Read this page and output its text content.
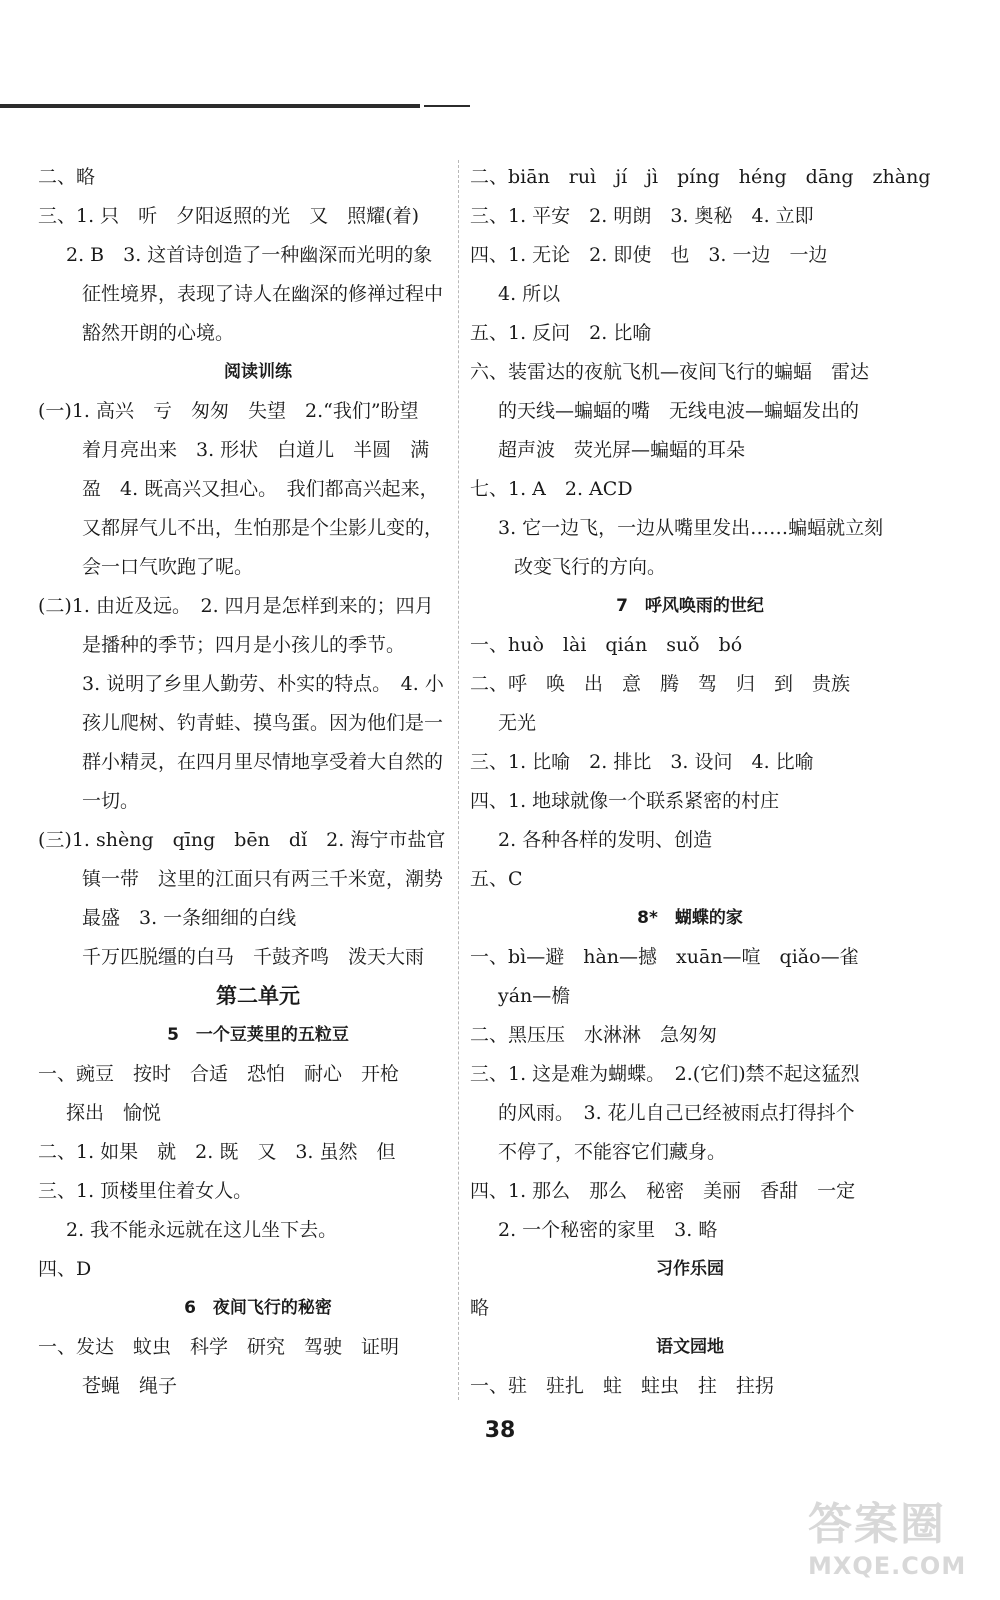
二、略
三、1. 只　听　夕阳返照的光　又　照耀(着)
2. B　3. 这首诗创造了一种幽深而光明的象
征性境界，表现了诗人在幽深的修禅过程中
豁然开朗的心境。
阅读训练
(一)1. 高兴　亏　匆匆　失望　2.“我们”盼望
着月亮出来　3. 形状　白道儿　半圆　满
盈　4. 既高兴又担心。　我们都高兴起来，
又都屏气儿不出，生怕那是个尘影儿变的，
会一口气吹跑了呢。
(二)1. 由近及远。　2. 四月是怎样到来的；四月
是播种的季节；四月是小孩儿的季节。
3. 说明了乡里人勤劳、朴实的特点。　4. 小
孩儿爬树、钓青蛙、摸鸟蛋。因为他们是一
群小精灵，在四月里尽情地享受着大自然的
一切。
(三)1. shèng　qīng　bēn　dǐ　2. 海宁市盐官
镇一带　这里的江面只有两三千米宽，潮势
最盛　3. 一条细细的白线
千万匹脱缰的白马　千鼓齐鸣　泼天大雨
第二单元
5　一个豆荚里的五粒豆
一、豌豆　按时　合适　恐怕　耐心　开枪
探出　愉悦
二、1. 如果　就　2. 既　又　3. 虽然　但
三、1. 顶楼里住着女人。
2. 我不能永远就在这儿坐下去。
四、D
6　夜间飞行的秘密
一、发达　蚊虫　科学　研究　驾驶　证明
苍蝇　绳子
二、biān　ruì　jí　jì　píng　héng　dāng　zhàng
三、1. 平安　2. 明朗　3. 奥秘　4. 立即
四、1. 无论　2. 即使　也　3. 一边　一边
4. 所以
五、1. 反问　2. 比喻
六、装雷达的夜航飞机—夜间飞行的蝙蝠　雷达
的天线—蝙蝠的嘴　无线电波—蝙蝠发出的
超声波　荧光屏—蝙蝠的耳朵
七、1. A　2. ACD
3. 它一边飞，一边从嘴里发出……蝙蝠就立刻
改变飞行的方向。
7　呼风唤雨的世纪
一、huò　lài　qián　suǒ　bó
二、呼　唤　出　意　腾　驾　归　到　贵族
无光
三、1. 比喻　2. 排比　3. 设问　4. 比喻
四、1. 地球就像一个联系紧密的村庄
2. 各种各样的发明、创造
五、C
8*　蝴蝶的家
一、bì—避　hàn—撼　xuān—喧　qiǎo—雀
yán—檐
二、黑压压　水淋淋　急匆匆
三、1. 这是难为蝴蝶。　2.(它们)禁不起这猛烈
的风雨。　3. 花儿自己已经被雨点打得抖个
不停了，不能容它们藏身。
四、1. 那么　那么　秘密　美丽　香甜　一定
2. 一个秘密的家里　3. 略
习作乐园
略
语文园地
一、驻　驻扎　蛀　蛀虫　拄　拄拐
38
答案圈
MXQE.COM
